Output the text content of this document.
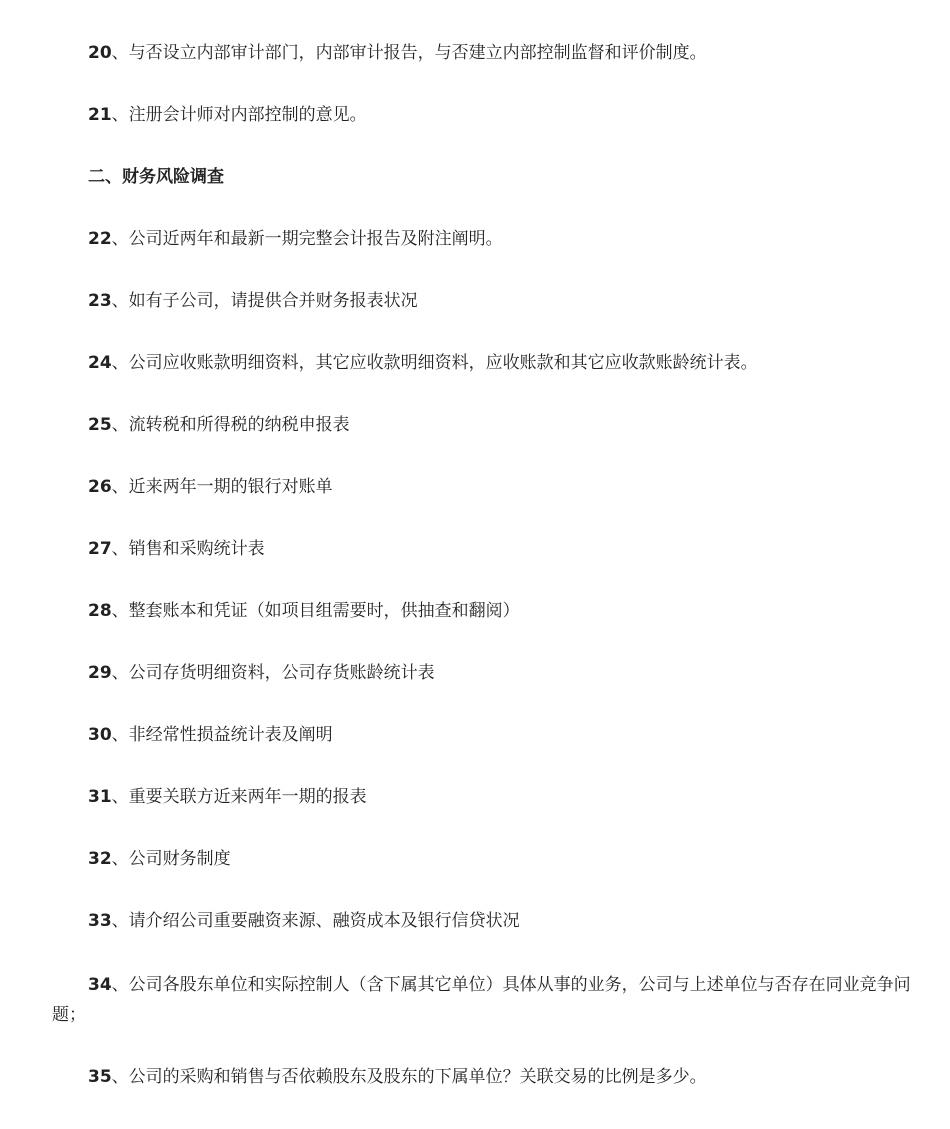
20、与否设立内部审计部门，内部审计报告，与否建立内部控制监督和评价制度。
21、注册会计师对内部控制的意见。
二、财务风险调查
22、公司近两年和最新一期完整会计报告及附注阐明。
23、如有子公司，请提供合并财务报表状况
24、公司应收账款明细资料，其它应收款明细资料，应收账款和其它应收款账龄统计表。
25、流转税和所得税的纳税申报表
26、近来两年一期的银行对账单
27、销售和采购统计表
28、整套账本和凭证（如项目组需要时，供抽查和翻阅）
29、公司存货明细资料，公司存货账龄统计表
30、非经常性损益统计表及阐明
31、重要关联方近来两年一期的报表
32、公司财务制度
33、请介绍公司重要融资来源、融资成本及银行信贷状况
34、公司各股东单位和实际控制人（含下属其它单位）具体从事的业务，公司与上述单位与否存在同业竞争问题；
35、公司的采购和销售与否依赖股东及股东的下属单位？关联交易的比例是多少。
